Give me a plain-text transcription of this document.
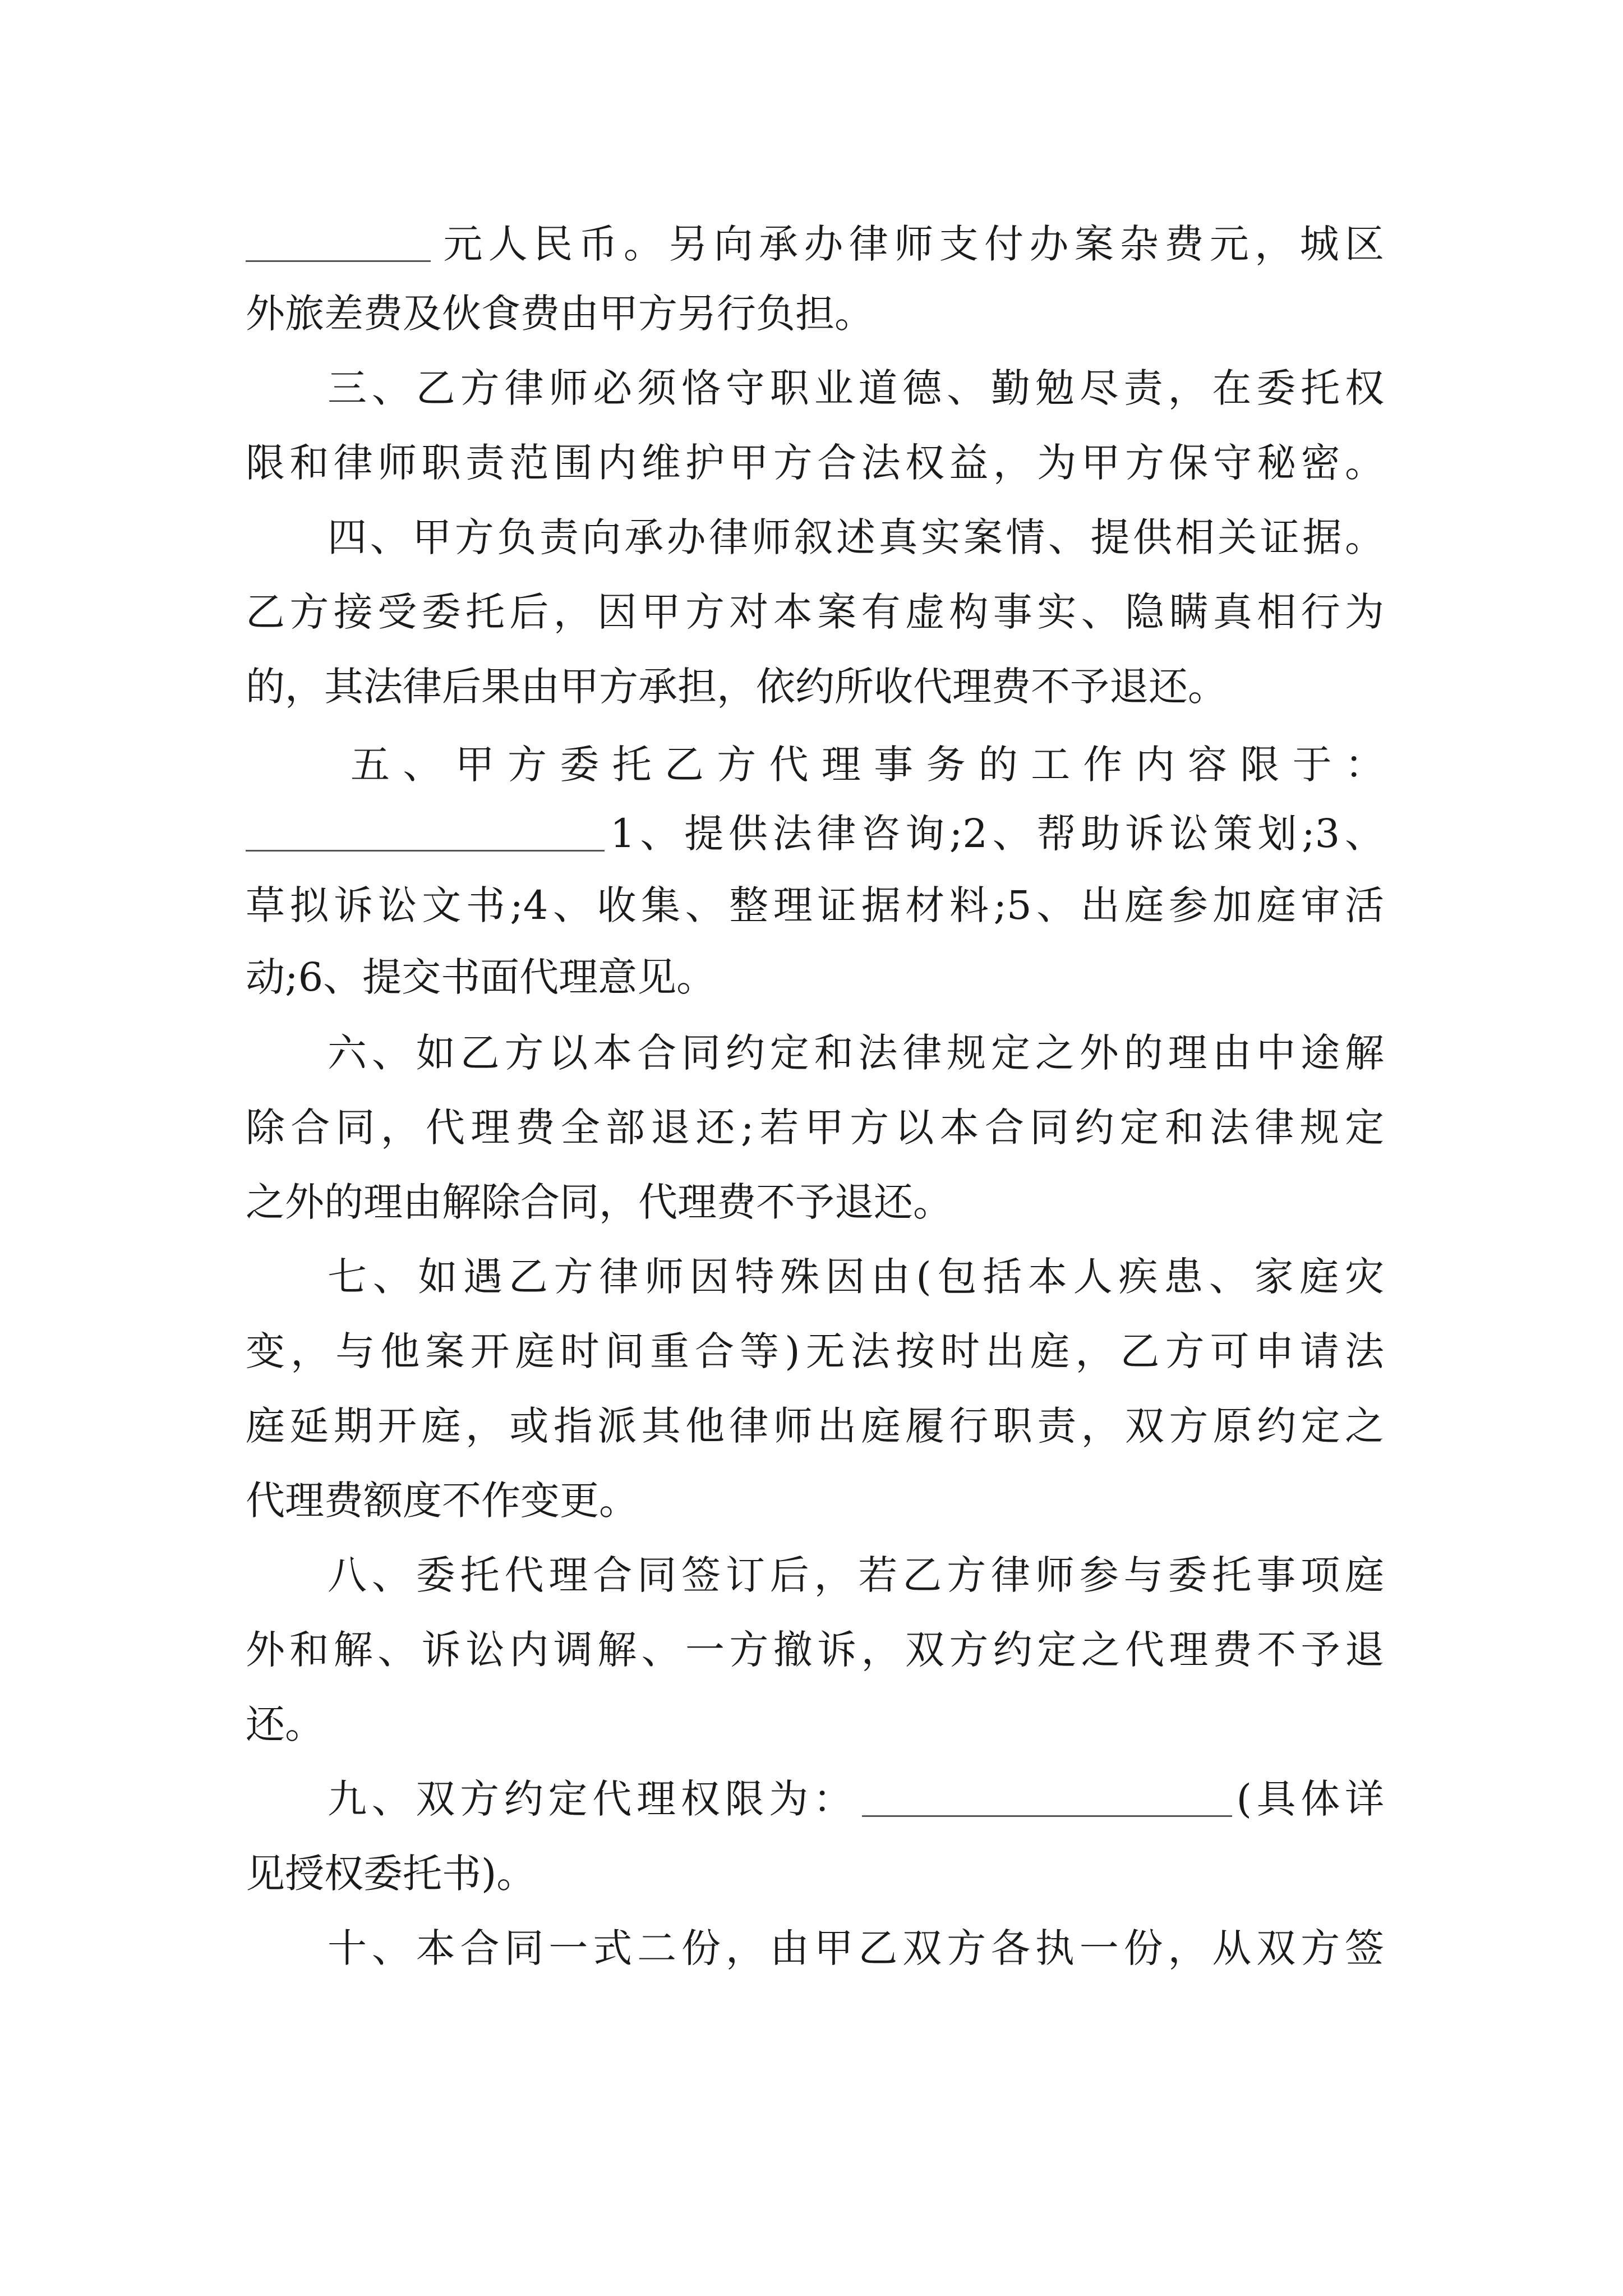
元人民币。另向承办律师支付办案杂费元，城区
外旅差费及伙食费由甲方另行负担。
三、乙方律师必须恪守职业道德、勤勉尽责，在委托权
限和律师职责范围内维护甲方合法权益，为甲方保守秘密。
四、甲方负责向承办律师叙述真实案情、提供相关证据。
乙方接受委托后，因甲方对本案有虚构事实、隐瞒真相行为
的，其法律后果由甲方承担，依约所收代理费不予退还。
五、甲方委托乙方代理事务的工作内容限于：
1、提供法律咨询;2、帮助诉讼策划;3、
草拟诉讼文书;4、收集、整理证据材料;5、出庭参加庭审活
动;6、提交书面代理意见。
六、如乙方以本合同约定和法律规定之外的理由中途解
除合同，代理费全部退还;若甲方以本合同约定和法律规定
之外的理由解除合同，代理费不予退还。
七、如遇乙方律师因特殊因由(包括本人疾患、家庭灾
变，与他案开庭时间重合等)无法按时出庭，乙方可申请法
庭延期开庭，或指派其他律师出庭履行职责，双方原约定之
代理费额度不作变更。
八、委托代理合同签订后，若乙方律师参与委托事项庭
外和解、诉讼内调解、一方撤诉，双方约定之代理费不予退
还。
九、双方约定代理权限为：	(具体详
见授权委托书)。
十、本合同一式二份，由甲乙双方各执一份，从双方签
